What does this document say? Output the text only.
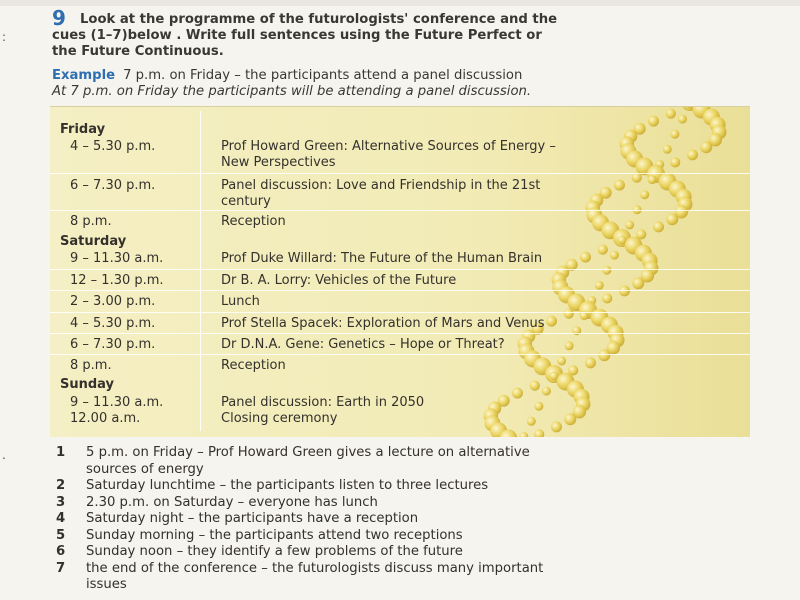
:
.
9 Look at the programme of the futurologists' conference and the
cues (1–7)below . Write full sentences using the Future Perfect or
the Future Continuous.
Example 7 p.m. on Friday – the participants attend a panel discussion
At 7 p.m. on Friday the participants will be attending a panel discussion.
Friday
4 – 5.30 p.m.	Prof Howard Green: Alternative Sources of Energy –
New Perspectives
6 – 7.30 p.m.	Panel discussion: Love and Friendship in the 21st
century
8 p.m.	Reception
Saturday
9 – 11.30 a.m.	Prof Duke Willard: The Future of the Human Brain
12 – 1.30 p.m.	Dr B. A. Lorry: Vehicles of the Future
2 – 3.00 p.m.	Lunch
4 – 5.30 p.m.	Prof Stella Spacek: Exploration of Mars and Venus
6 – 7.30 p.m.	Dr D.N.A. Gene: Genetics – Hope or Threat?
8 p.m.	Reception
Sunday
9 – 11.30 a.m.	Panel discussion: Earth in 2050
12.00 a.m.	Closing ceremony
1 5 p.m. on Friday – Prof Howard Green gives a lecture on alternative
sources of energy
2 Saturday lunchtime – the participants listen to three lectures
3 2.30 p.m. on Saturday – everyone has lunch
4 Saturday night – the participants have a reception
5 Sunday morning – the participants attend two receptions
6 Sunday noon – they identify a few problems of the future
7 the end of the conference – the futurologists discuss many important
issues
